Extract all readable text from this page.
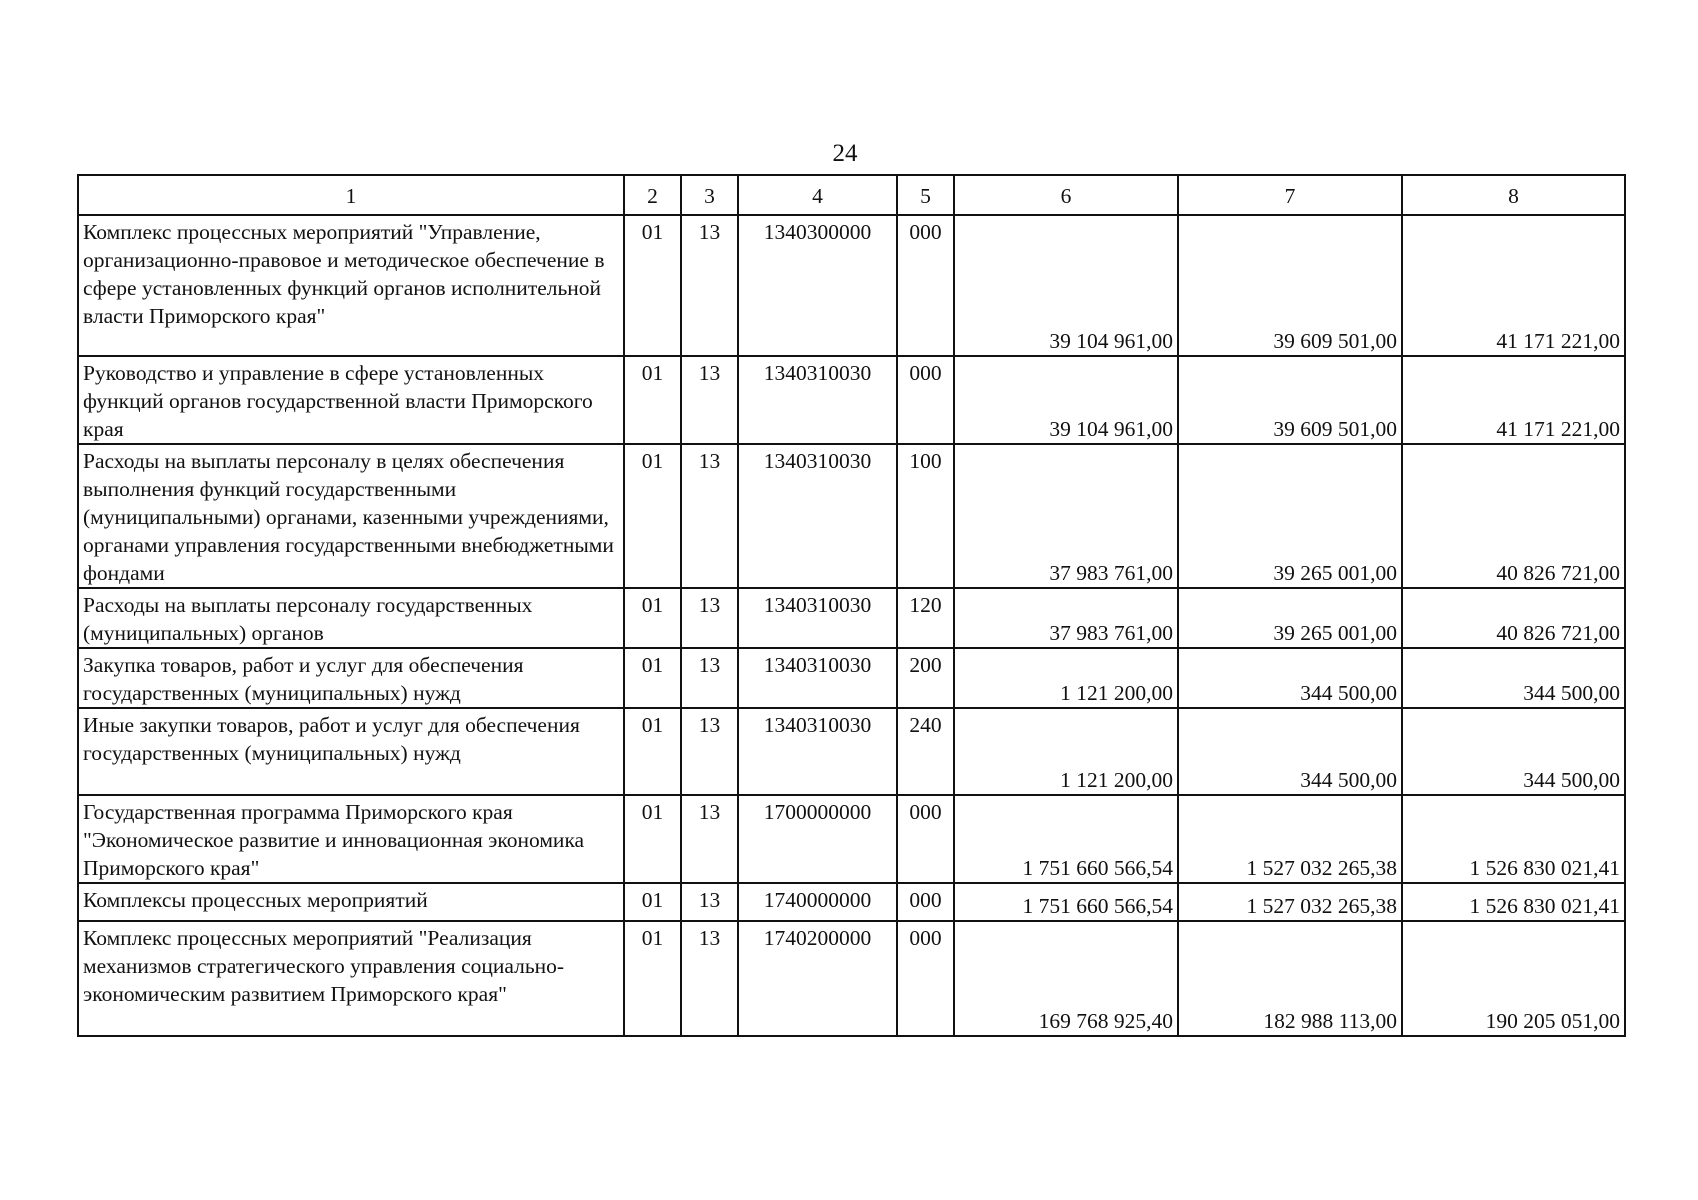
24
1	2	3	4	5	6	7	8
Комплекс процессных мероприятий "Управление, организационно-правовое и методическое обеспечение в сфере установленных функций органов исполнительной власти Приморского края"	01	13	1340300000	000	39 104 961,00	39 609 501,00	41 171 221,00
Руководство и управление в сфере установленных функций органов государственной власти Приморского края	01	13	1340310030	000	39 104 961,00	39 609 501,00	41 171 221,00
Расходы на выплаты персоналу в целях обеспечения выполнения функций государственными (муниципальными) органами, казенными учреждениями, органами управления государственными внебюджетными фондами	01	13	1340310030	100	37 983 761,00	39 265 001,00	40 826 721,00
Расходы на выплаты персоналу государственных (муниципальных) органов	01	13	1340310030	120	37 983 761,00	39 265 001,00	40 826 721,00
Закупка товаров, работ и услуг для обеспечения государственных (муниципальных) нужд	01	13	1340310030	200	1 121 200,00	344 500,00	344 500,00
Иные закупки товаров, работ и услуг для обеспечения государственных (муниципальных) нужд	01	13	1340310030	240	1 121 200,00	344 500,00	344 500,00
Государственная программа Приморского края "Экономическое развитие и инновационная экономика Приморского края"	01	13	1700000000	000	1 751 660 566,54	1 527 032 265,38	1 526 830 021,41
Комплексы процессных мероприятий	01	13	1740000000	000	1 751 660 566,54	1 527 032 265,38	1 526 830 021,41
Комплекс процессных мероприятий "Реализация механизмов стратегического управления социально-экономическим развитием Приморского края"	01	13	1740200000	000	169 768 925,40	182 988 113,00	190 205 051,00
